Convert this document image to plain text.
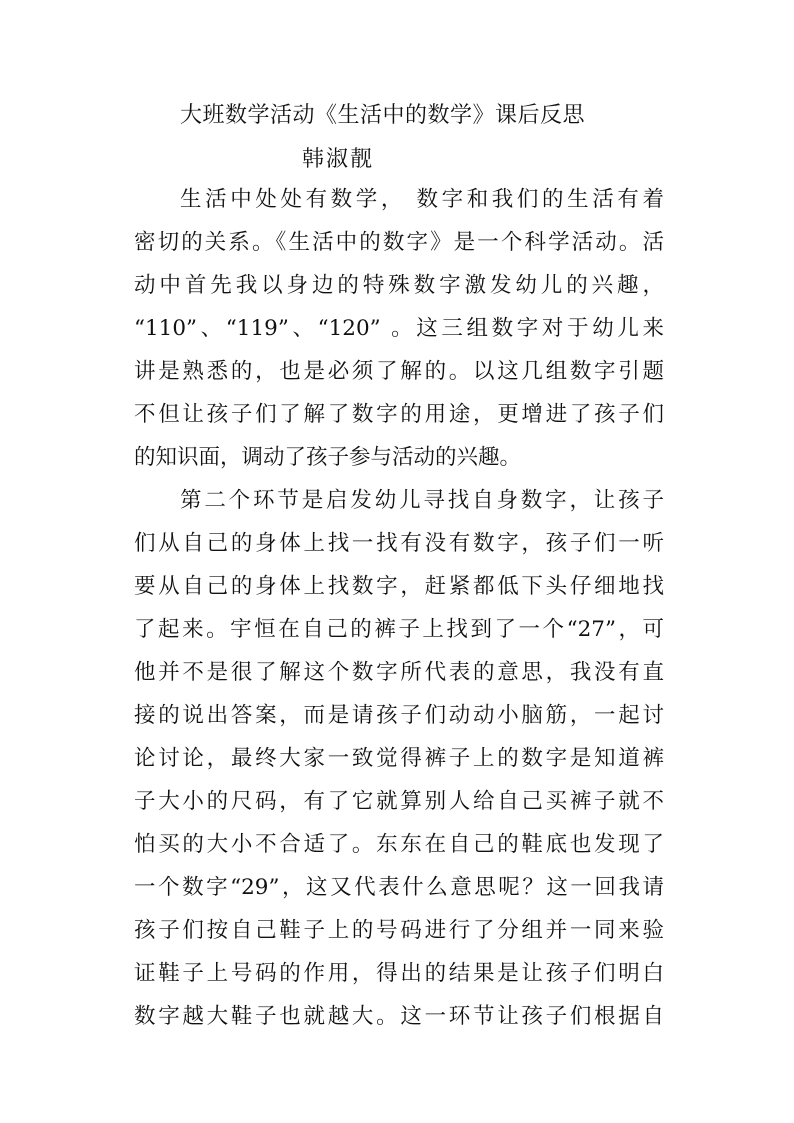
大班数学活动《生活中的数学》课后反思
韩淑靓
生活中处处有数学， 数字和我们的生活有着
密切的关系。《生活中的数字》是一个科学活动。活
动中首先我以身边的特殊数字激发幼儿的兴趣，
“110”、“119”、“120” 。这三组数字对于幼儿来
讲是熟悉的，也是必须了解的。以这几组数字引题
不但让孩子们了解了数字的用途，更增进了孩子们
的知识面，调动了孩子参与活动的兴趣。
第二个环节是启发幼儿寻找自身数字，让孩子
们从自己的身体上找一找有没有数字，孩子们一听
要从自己的身体上找数字，赶紧都低下头仔细地找
了起来。宇恒在自己的裤子上找到了一个“27”，可
他并不是很了解这个数字所代表的意思，我没有直
接的说出答案，而是请孩子们动动小脑筋，一起讨
论讨论，最终大家一致觉得裤子上的数字是知道裤
子大小的尺码，有了它就算别人给自己买裤子就不
怕买的大小不合适了。东东在自己的鞋底也发现了
一个数字“29”，这又代表什么意思呢？这一回我请
孩子们按自己鞋子上的号码进行了分组并一同来验
证鞋子上号码的作用，得出的结果是让孩子们明白
数字越大鞋子也就越大。这一环节让孩子们根据自
